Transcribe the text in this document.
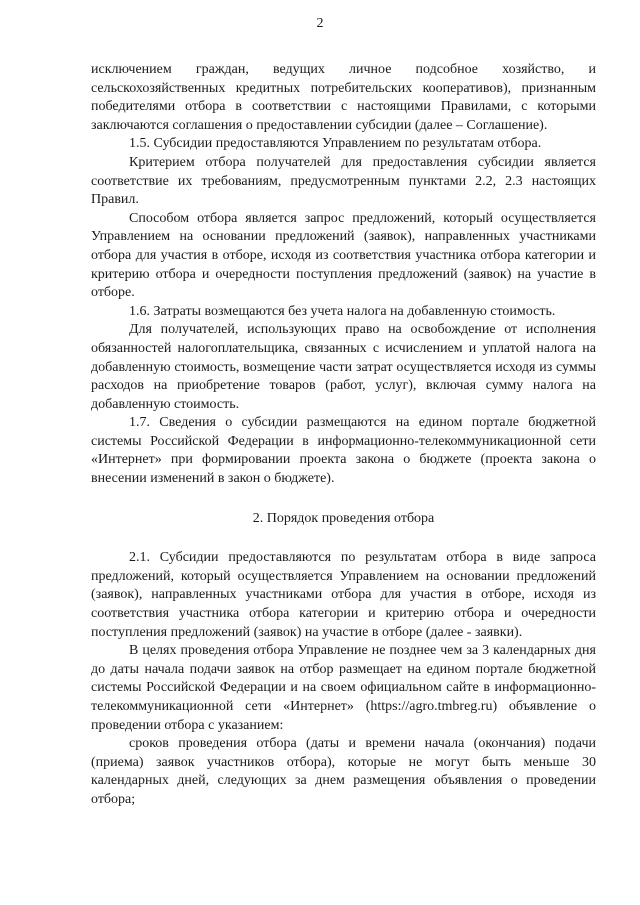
2

исключением граждан, ведущих личное подсобное хозяйство, и сельскохозяйственных кредитных потребительских кооперативов), признанным победителями отбора в соответствии с настоящими Правилами, с которыми заключаются соглашения о предоставлении субсидии (далее – Соглашение).

1.5. Субсидии предоставляются Управлением по результатам отбора.

Критерием отбора получателей для предоставления субсидии является соответствие их требованиям, предусмотренным пунктами 2.2, 2.3 настоящих Правил.

Способом отбора является запрос предложений, который осуществляется Управлением на основании предложений (заявок), направленных участниками отбора для участия в отборе, исходя из соответствия участника отбора категории и критерию отбора и очередности поступления предложений (заявок) на участие в отборе.

1.6. Затраты возмещаются без учета налога на добавленную стоимость.

Для получателей, использующих право на освобождение от исполнения обязанностей налогоплательщика, связанных с исчислением и уплатой налога на добавленную стоимость, возмещение части затрат осуществляется исходя из суммы расходов на приобретение товаров (работ, услуг), включая сумму налога на добавленную стоимость.

1.7. Сведения о субсидии размещаются на едином портале бюджетной системы Российской Федерации в информационно-телекоммуникационной сети «Интернет» при формировании проекта закона о бюджете (проекта закона о внесении изменений в закон о бюджете).

2. Порядок проведения отбора

2.1. Субсидии предоставляются по результатам отбора в виде запроса предложений, который осуществляется Управлением на основании предложений (заявок), направленных участниками отбора для участия в отборе, исходя из соответствия участника отбора категории и критерию отбора и очередности поступления предложений (заявок) на участие в отборе (далее - заявки).

В целях проведения отбора Управление не позднее чем за 3 календарных дня до даты начала подачи заявок на отбор размещает на едином портале бюджетной системы Российской Федерации и на своем официальном сайте в информационно-телекоммуникационной сети «Интернет» (https://agro.tmbreg.ru) объявление о проведении отбора с указанием:

сроков проведения отбора (даты и времени начала (окончания) подачи (приема) заявок участников отбора), которые не могут быть меньше 30 календарных дней, следующих за днем размещения объявления о проведении отбора;
